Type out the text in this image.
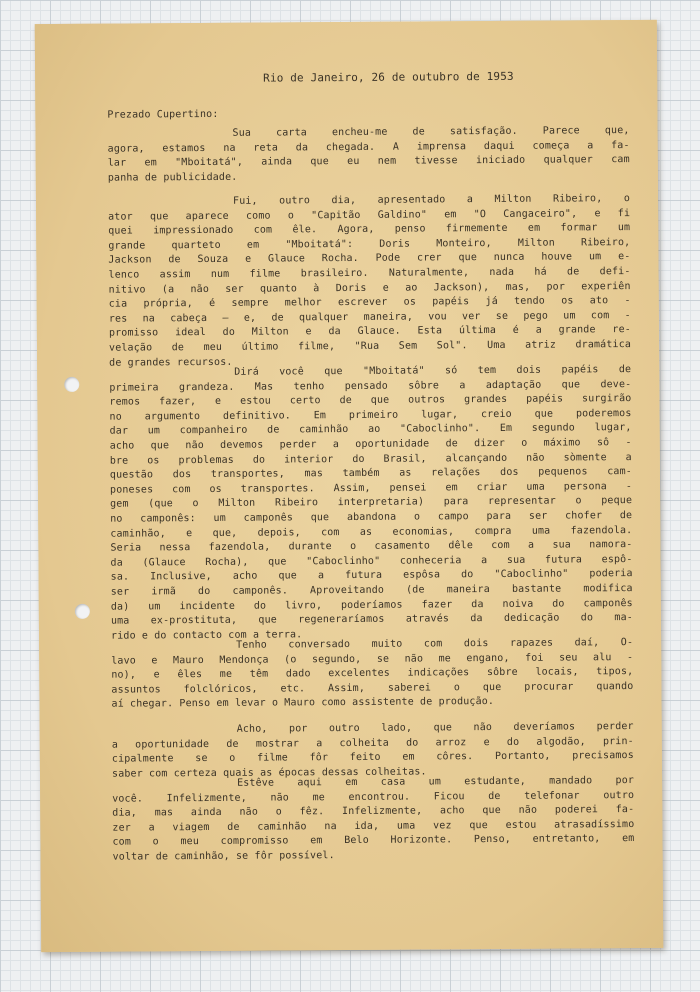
Rio de Janeiro, 26 de outubro de 1953
Prezado Cupertino:
Sua carta encheu-me de satisfação. Parece que,
agora, estamos na reta da chegada. A imprensa daqui começa a fa-
lar em "Mboitatá", ainda que eu nem tivesse iniciado qualquer cam
panha de publicidade.
Fui, outro dia, apresentado a Milton Ribeiro, o
ator que aparece como o "Capitão Galdino" em "O Cangaceiro", e fi
quei impressionado com êle. Agora, penso firmemente em formar um
grande quarteto em "Mboitatá": Doris Monteiro, Milton Ribeiro,
Jackson de Souza e Glauce Rocha. Pode crer que nunca houve um e-
lenco assim num filme brasileiro. Naturalmente, nada há de defi-
nitivo (a não ser quanto à Doris e ao Jackson), mas, por experiên
cia própria, é sempre melhor escrever os papéis já tendo os ato -
res na cabeça — e, de qualquer maneira, vou ver se pego um com -
promisso ideal do Milton e da Glauce. Esta última é a grande re-
velação de meu último filme, "Rua Sem Sol". Uma atriz dramática
de grandes recursos.
Dirá você que "Mboitatá" só tem dois papéis de
primeira grandeza. Mas tenho pensado sôbre a adaptação que deve-
remos fazer, e estou certo de que outros grandes papéis surgirão
no argumento definitivo. Em primeiro lugar, creio que poderemos
dar um companheiro de caminhão ao "Caboclinho". Em segundo lugar,
acho que não devemos perder a oportunidade de dizer o máximo sô -
bre os problemas do interior do Brasil, alcançando não sòmente a
questão dos transportes, mas também as relações dos pequenos cam-
poneses com os transportes. Assim, pensei em criar uma persona -
gem (que o Milton Ribeiro interpretaria) para representar o peque
no camponês: um camponês que abandona o campo para ser chofer de
caminhão, e que, depois, com as economias, compra uma fazendola.
Seria nessa fazendola, durante o casamento dêle com a sua namora-
da (Glauce Rocha), que "Caboclinho" conheceria a sua futura espô-
sa. Inclusive, acho que a futura espôsa do "Caboclinho" poderia
ser irmã do camponês. Aproveitando (de maneira bastante modifica
da) um incidente do livro, poderíamos fazer da noiva do camponês
uma ex-prostituta, que regeneraríamos através da dedicação do ma-
rido e do contacto com a terra.
Tenho conversado muito com dois rapazes daí, O-
lavo e Mauro Mendonça (o segundo, se não me engano, foi seu alu -
no), e êles me têm dado excelentes indicações sôbre locais, tipos,
assuntos folclóricos, etc. Assim, saberei o que procurar quando
aí chegar. Penso em levar o Mauro como assistente de produção.
Acho, por outro lado, que não deveríamos perder
a oportunidade de mostrar a colheita do arroz e do algodão, prin-
cipalmente se o filme fôr feito em côres. Portanto, precisamos
saber com certeza quais as épocas dessas colheitas.
Estêve aqui em casa um estudante, mandado por
você. Infelizmente, não me encontrou. Ficou de telefonar outro
dia, mas ainda não o fêz. Infelizmente, acho que não poderei fa-
zer a viagem de caminhão na ida, uma vez que estou atrasadíssimo
com o meu compromisso em Belo Horizonte. Penso, entretanto, em
voltar de caminhão, se fôr possível.
